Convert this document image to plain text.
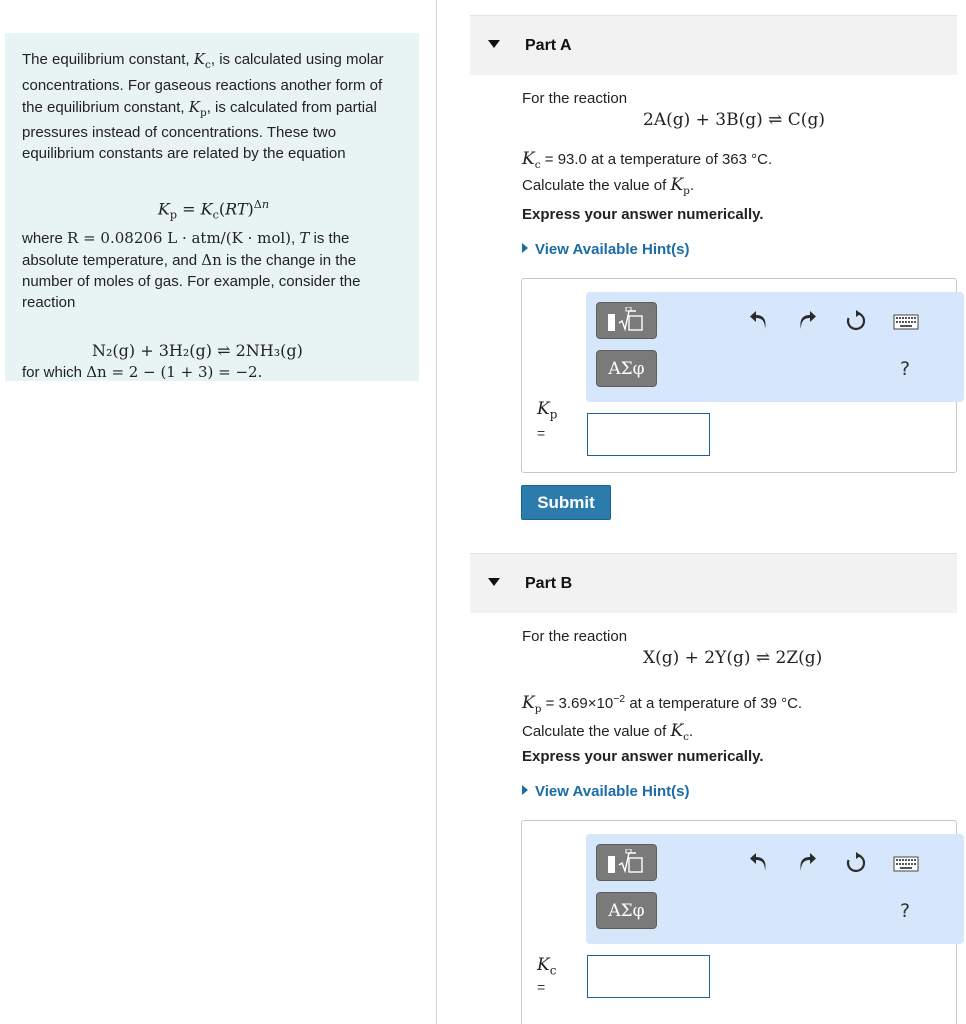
The equilibrium constant, $K_c$, is calculated using molar concentrations. For gaseous reactions another form of the equilibrium constant, $K_p$, is calculated from partial pressures instead of concentrations. These two equilibrium constants are related by the equation

$K_p = K_c(RT)^{\Delta n}$

where R = 0.08206 L · atm/(K · mol), T is the absolute temperature, and Δn is the change in the number of moles of gas. For example, consider the reaction

N₂(g) + 3H₂(g) ⇌ 2NH₃(g)

for which Δn = 2 − (1 + 3) = −2.

Part A
For the reaction
2A(g) + 3B(g) ⇌ C(g)
$K_c = 93.0$ at a temperature of 363 °C.
Calculate the value of $K_p$.
Express your answer numerically.
View Available Hint(s)
ΑΣφ	?
$K_p$
=
Submit
Part B
For the reaction
X(g) + 2Y(g) ⇌ 2Z(g)
$K_p = 3.69\times 10^{-2}$ at a temperature of 39 °C.
Calculate the value of $K_c$.
Express your answer numerically.
View Available Hint(s)
ΑΣφ	?
$K_c$
=
